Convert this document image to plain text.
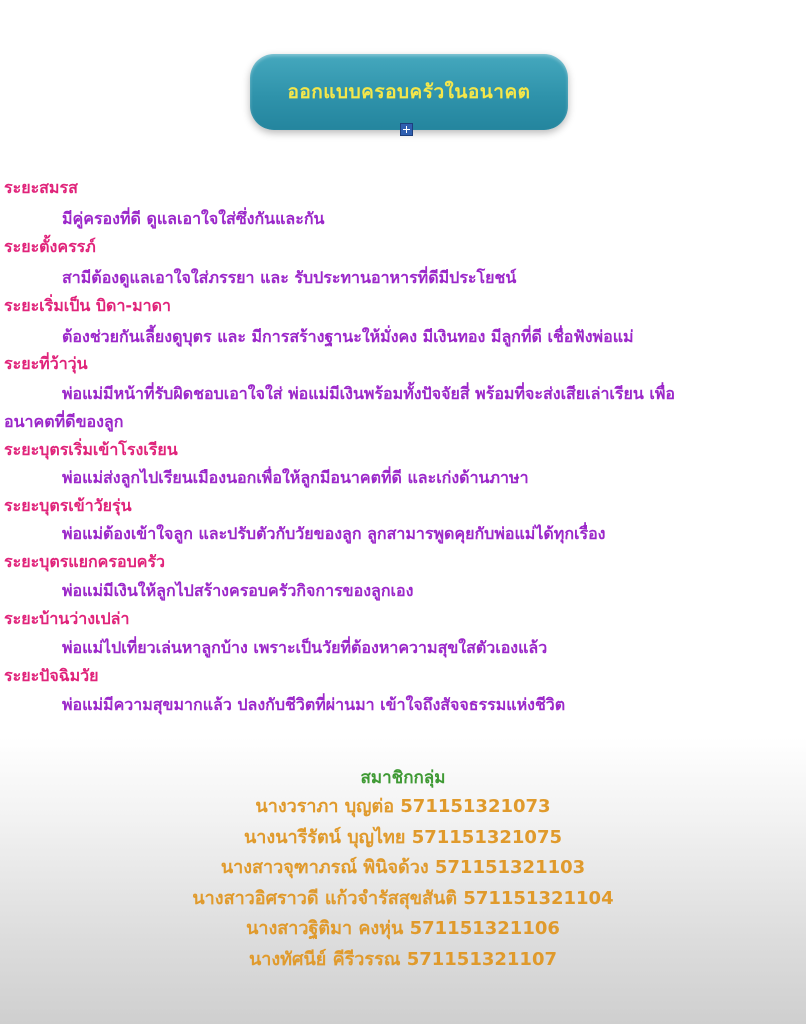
ออกแบบครอบครัวในอนาคต
ระยะสมรส
มีคู่ครองที่ดี ดูแลเอาใจใส่ซึ่งกันและกัน
ระยะตั้งครรภ์
สามีต้องดูแลเอาใจใส่ภรรยา และ รับประทานอาหารที่ดีมีประโยชน์
ระยะเริ่มเป็น บิดา-มาดา
ต้องช่วยกันเลี้ยงดูบุตร และ มีการสร้างฐานะให้มั่งคง มีเงินทอง มีลูกที่ดี เชื่อฟังพ่อแม่
ระยะที่ว้าวุ่น
พ่อแม่มีหน้าที่รับผิดชอบเอาใจใส่ พ่อแม่มีเงินพร้อมทั้งปัจจัยสี่ พร้อมที่จะส่งเสียเล่าเรียน เพื่อ
อนาคตที่ดีของลูก
ระยะบุตรเริ่มเข้าโรงเรียน
พ่อแม่ส่งลูกไปเรียนเมืองนอกเพื่อให้ลูกมีอนาคตที่ดี และเก่งด้านภาษา
ระยะบุตรเข้าวัยรุ่น
พ่อแม่ต้องเข้าใจลูก และปรับตัวกับวัยของลูก ลูกสามารพูดคุยกับพ่อแม่ได้ทุกเรื่อง
ระยะบุตรแยกครอบครัว
พ่อแม่มีเงินให้ลูกไปสร้างครอบครัวกิจการของลูกเอง
ระยะบ้านว่างเปล่า
พ่อแม่ไปเที่ยวเล่นหาลูกบ้าง เพราะเป็นวัยที่ต้องหาความสุขใสตัวเองแล้ว
ระยะปัจฉิมวัย
พ่อแม่มีความสุขมากแล้ว ปลงกับชีวิตที่ผ่านมา เข้าใจถึงสัจจธรรมแห่งชีวิต
สมาชิกกลุ่ม
นางวราภา บุญต่อ 571151321073
นางนารีรัตน์ บุญไทย 571151321075
นางสาวจุฑาภรณ์ พินิจด้วง 571151321103
นางสาวอิศราวดี แก้วจำรัสสุขสันติ 571151321104
นางสาวฐิติมา คงหุ่น 571151321106
นางทัศนีย์ คีรีวรรณ 571151321107
